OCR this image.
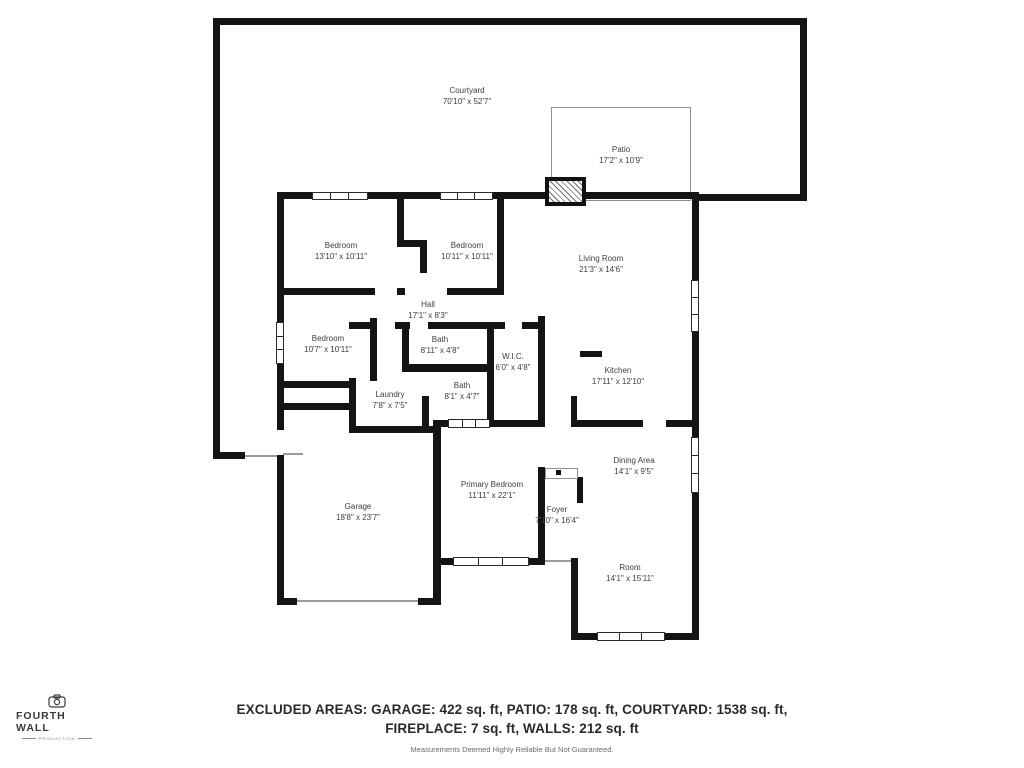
Courtyard
70'10" x 52'7"
Patio
17'2" x 10'9"
Bedroom
13'10" x 10'11"
Bedroom
10'11" x 10'11"	Living Room
21'3" x 14'6"
Hall
17'1" x 8'3"
Bedroom
10'7" x 10'11"
Bath
8'11" x 4'8"
W.I.C.
6'0" x 4'8"	Kitchen
17'11" x 12'10"
Laundry
7'8" x 7'5"
Bath
8'1" x 4'7"
Dining Area
14'1" x 9'5"
Garage
18'8" x 23'7"
Primary Bedroom
11'11" x 22'1"
Foyer
7'10" x 16'4"
Room
14'1" x 15'11"
EXCLUDED AREAS: GARAGE: 422 sq. ft, PATIO: 178 sq. ft, COURTYARD: 1538 sq. ft,
FIREPLACE: 7 sq. ft, WALLS: 212 sq. ft
Measurements Deemed Highly Reliable But Not Guaranteed.
FOURTH WALL
PRODUCTION
